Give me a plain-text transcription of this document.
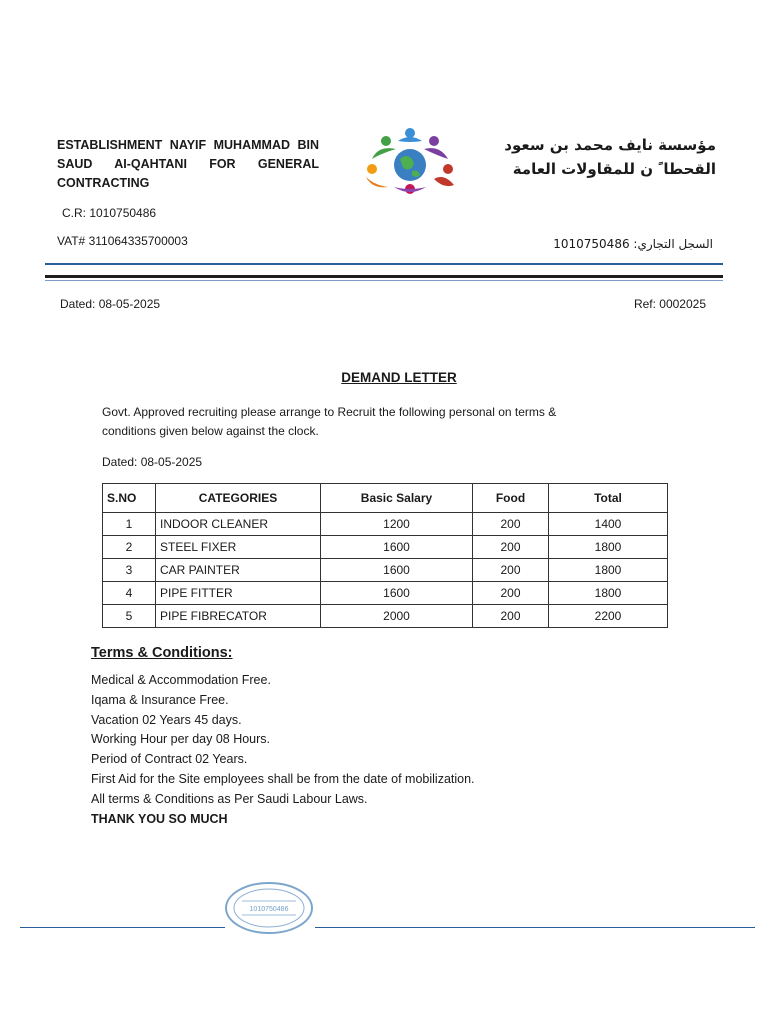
ESTABLISHMENT NAYIF MUHAMMAD BIN SAUD AI-QAHTANI FOR GENERAL CONTRACTING
مؤسسة نايف محمد بن سعود
القحطا ً ن للمقاولات العامة
C.R: 1010750486
VAT# 311064335700003	السجل التجاري: 1010750486
Dated: 08-05-2025	Ref: 0002025
DEMAND LETTER
Govt. Approved recruiting please arrange to Recruit the following personal on terms & conditions given below against the clock.
Dated: 08-05-2025
S.NO	CATEGORIES	Basic Salary	Food	Total
1	INDOOR CLEANER	1200	200	1400
2	STEEL FIXER	1600	200	1800
3	CAR PAINTER	1600	200	1800
4	PIPE FITTER	1600	200	1800
5	PIPE FIBRECATOR	2000	200	2200
Terms & Conditions:
Medical & Accommodation Free.
Iqama & Insurance Free.
Vacation 02 Years 45 days.
Working Hour per day 08 Hours.
Period of Contract 02 Years.
First Aid for the Site employees shall be from the date of mobilization.
All terms & Conditions as Per Saudi Labour Laws.
THANK YOU SO MUCH
1010750486
